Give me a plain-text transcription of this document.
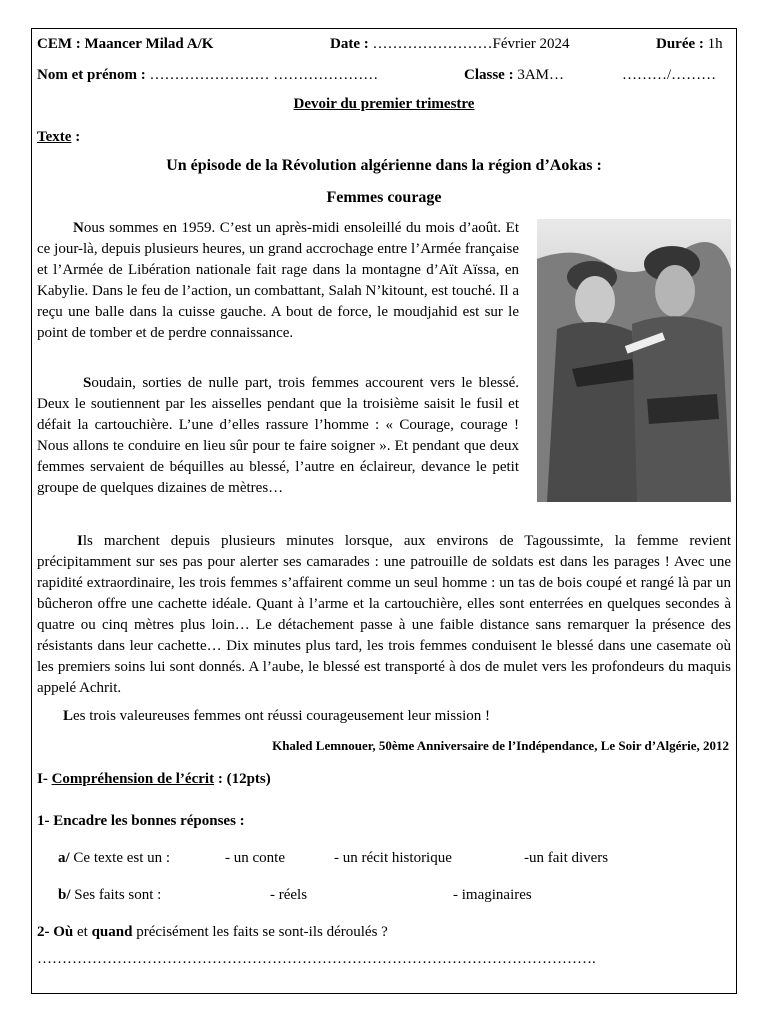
CEM : Maancer Milad A/K	Date : ……………………Février 2024	Durée : 1h
Nom et prénom : …………………… …………………	Classe : 3AM…	………/………
Devoir du premier trimestre
Texte :
Un épisode de la Révolution algérienne dans la région d’Aokas :
Femmes courage

Nous sommes en 1959. C’est un après-midi ensoleillé du mois d’août. Et ce jour-là, depuis plusieurs heures, un grand accrochage entre l’Armée française et l’Armée de Libération nationale fait rage dans la montagne d’Aït Aïssa, en Kabylie. Dans le feu de l’action, un combattant, Salah N’kitount, est touché. Il a reçu une balle dans la cuisse gauche. A bout de force, le moudjahid est sur le point de tomber et de perdre connaissance.

Soudain, sorties de nulle part, trois femmes accourent vers le blessé. Deux le soutiennent par les aisselles pendant que la troisième saisit le fusil et défait la cartouchière. L’une d’elles rassure l’homme : « Courage, courage ! Nous allons te conduire en lieu sûr pour te faire soigner ». Et pendant que deux femmes servaient de béquilles au blessé, l’autre en éclaireur, devance le petit groupe de quelques dizaines de mètres…

Ils marchent depuis plusieurs minutes lorsque, aux environs de Tagoussimte, la femme revient précipitamment sur ses pas pour alerter ses camarades : une patrouille de soldats est dans les parages ! Avec une rapidité extraordinaire, les trois femmes s’affairent comme un seul homme : un tas de bois coupé et rangé là par un bûcheron offre une cachette idéale. Quant à l’arme et la cartouchière, elles sont enterrées en quelques secondes à quatre ou cinq mètres plus loin… Le détachement passe à une faible distance sans remarquer la présence des résistants dans leur cachette… Dix minutes plus tard, les trois femmes conduisent le blessé dans une casemate où les premiers soins lui sont donnés. A l’aube, le blessé est transporté à dos de mulet vers les profondeurs du maquis appelé Achrit.

Les trois valeureuses femmes ont réussi courageusement leur mission !

Khaled Lemnouer, 50ème Anniversaire de l’Indépendance, Le Soir d’Algérie, 2012
I- Compréhension de l’écrit : (12pts)
1- Encadre les bonnes réponses :
a/ Ce texte est un :	- un conte	- un récit historique	-un fait divers
b/ Ses faits sont :	- réels	- imaginaires
2- Où et quand précisément les faits se sont-ils déroulés ?
………………………………………………………………………………………………….
